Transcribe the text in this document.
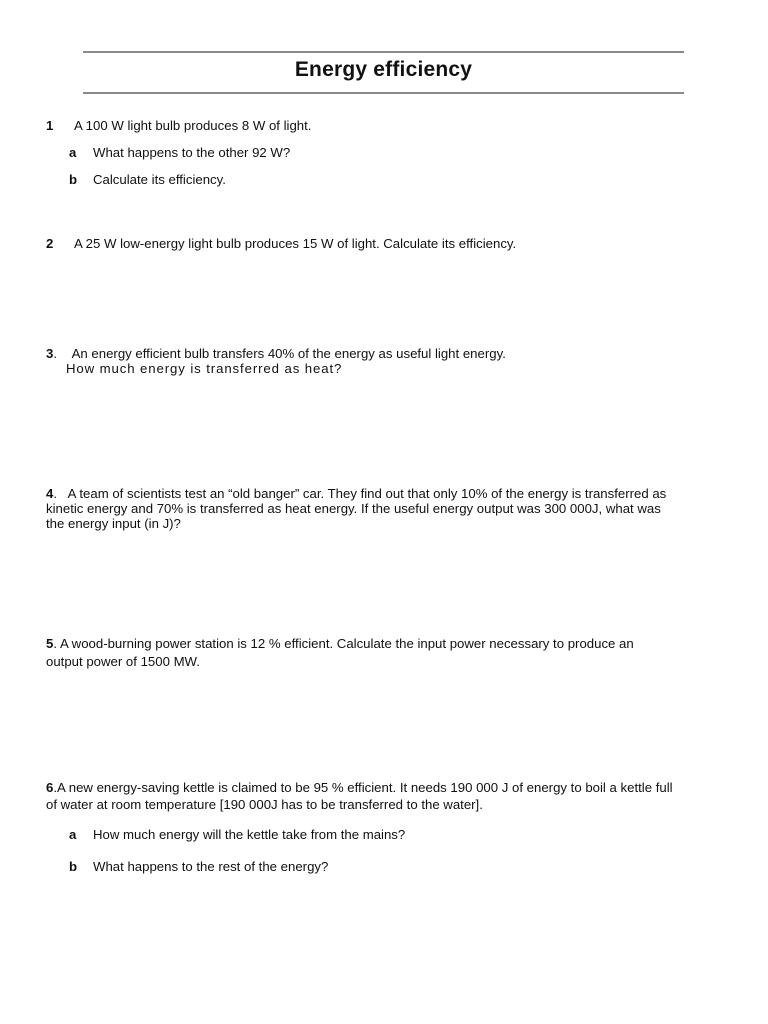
Energy efficiency
1 A 100 W light bulb produces 8 W of light.
a What happens to the other 92 W?
b Calculate its efficiency.
2 A 25 W low-energy light bulb produces 15 W of light. Calculate its efficiency.
3. An energy efficient bulb transfers 40% of the energy as useful light energy.
How much energy is transferred as heat?
4. A team of scientists test an “old banger” car. They find out that only 10% of the energy is transferred as
kinetic energy and 70% is transferred as heat energy. If the useful energy output was 300 000J, what was
the energy input (in J)?
5. A wood-burning power station is 12 % efficient. Calculate the input power necessary to produce an
output power of 1500 MW.
6.A new energy-saving kettle is claimed to be 95 % efficient. It needs 190 000 J of energy to boil a kettle full
of water at room temperature [190 000J has to be transferred to the water].
a How much energy will the kettle take from the mains?
b What happens to the rest of the energy?
